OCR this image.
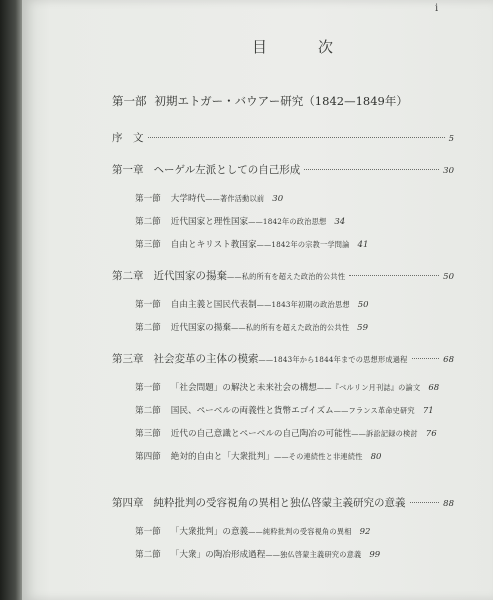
i
目　次
第一部 初期エトガー・バウアー研究（1842—1849年）
序　文	5
第一章 ヘーゲル左派としての自己形成	30
第一節 大学時代 ——著作活動以前 30
第二節 近代国家と理性国家 ——1842年の政治思想 34
第三節 自由とキリスト教国家 ——1842年の宗教一学問論 41
第二章 近代国家の揚棄 ——私的所有を超えた政治的公共性	50
第一節 自由主義と国民代表制 ——1843年初期の政治思想 50
第二節 近代国家の揚棄 ——私的所有を超えた政治的公共性 59
第三章 社会変革の主体の模索 ——1843年から1844年までの思想形成過程	68
第一節 「社会問題」の解決と未来社会の構想 ——『ベルリン月刊誌』の論文 68
第二節 国民、ペーベルの両義性と貨幣エゴイズム ——フランス革命史研究 71
第三節 近代の自己意識とペーベルの自己陶冶の可能性 ——訴訟記録の検討 76
第四節 絶対的自由と「大衆批判」 ——その連続性と非連続性 80
第四章 純粋批判の受容視角の異相と独仏啓蒙主義研究の意義	88
第一節 「大衆批判」の意義 ——純粋批判の受容視角の異相 92
第二節 「大衆」の陶冶形成過程 ——独仏啓蒙主義研究の意義 99
